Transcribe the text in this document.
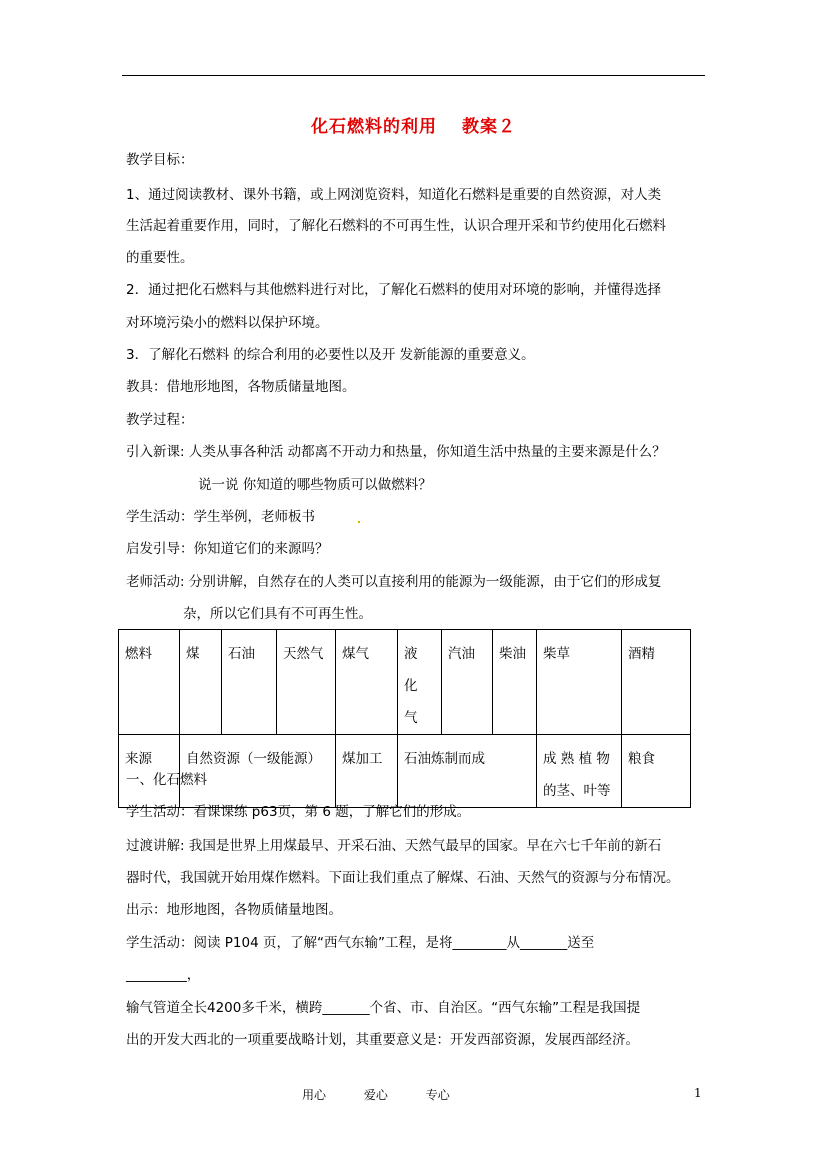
化石燃料的利用　 教案２
教学目标：
1、通过阅读教材、课外书籍，或上网浏览资料，知道化石燃料是重要的自然资源，对人类
生活起着重要作用，同时，了解化石燃料的不可再生性，认识合理开采和节约使用化石燃料
的重要性。
2．通过把化石燃料与其他燃料进行对比，了解化石燃料的使用对环境的影响，并懂得选择
对环境污染小的燃料以保护环境。
3．了解化石燃料 的综合利用的必要性以及开 发新能源的重要意义。
教具：借地形地图，各物质储量地图。
教学过程：
引入新课: 人类从事各种活 动都离不开动力和热量，你知道生活中热量的主要来源是什么？
说一说 你知道的哪些物质可以做燃料？
学生活动：学生举例，老师板书
启发引导：你知道它们的来源吗？
老师活动: 分别讲解，自然存在的人类可以直接利用的能源为一级能源，由于它们的形成复
杂，所以它们具有不可再生性。
燃料	煤	石油	天然气	煤气	液 化 气	汽油	柴油	柴草	酒精
来源	自然资源（一级能源）			煤加工	石油炼制而成			成 熟 植 物 的茎、叶等	粮食
一、化石燃料
学生活动：看课课练 p63页，第 6 题，了解它们的形成。
过渡讲解: 我国是世界上用煤最早、开采石油、天然气最早的国家。早在六七千年前的新石
器时代，我国就开始用煤作燃料。下面让我们重点了解煤、石油、天然气的资源与分布情况。
出示：地形地图，各物质储量地图。
学生活动：阅读 P104 页，了解“西气东输”工程，是将________从_______送至
_________，
输气管道全长4200多千米，横跨_______个省、市、自治区。“西气东输”工程是我国提
出的开发大西北的一项重要战略计划，其重要意义是：开发西部资源，发展西部经济。
用心	爱心	专心	1
